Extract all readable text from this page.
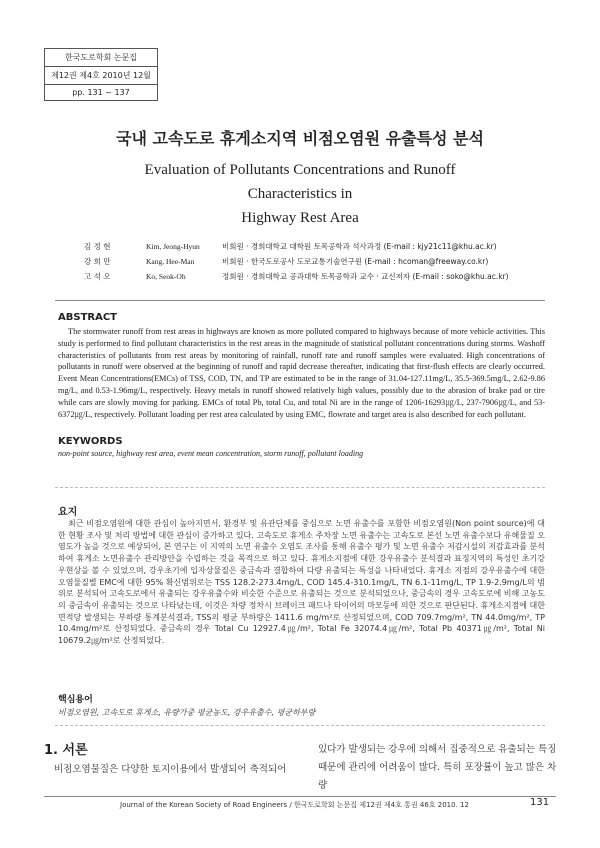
한국도로학회 논문집
제12권 제4호 2010년 12월
pp. 131 ~ 137
국내 고속도로 휴게소지역 비점오염원 유출특성 분석
Evaluation of Pollutants Concentrations and Runoff Characteristics in
Highway Rest Area
김 정 현	Kim, Jeong-Hyun	비회원 · 경희대학교 대학원 토목공학과 석사과정 (E-mail : kjy21c11@khu.ac.kr)
강 희 만	Kang, Hee-Man	비회원 · 한국도로공사 도로교통기술연구원 (E-mail : hcoman@freeway.co.kr)
고 석 오	Ko, Seok-Oh	정회원 · 경희대학교 공과대학 토목공학과 교수 · 교신저자 (E-mail : soko@khu.ac.kr)
ABSTRACT
The stormwater runoff from rest areas in highways are known as more polluted compared to highways because of more vehicle activities. This study is performed to find pollutant characteristics in the rest areas in the magnitude of statistical pollutant concentrations during storms. Washoff characteristics of pollutants from rest areas by monitoring of rainfall, runoff rate and runoff samples were evaluated. High concentrations of pollutants in runoff were observed at the beginning of runoff and rapid decrease thereafter, indicating that first-flush effects are clearly occurred. Event Mean Concentrations(EMCs) of TSS, COD, TN, and TP are estimated to be in the range of 31.04-127.11mg/L, 35.5-369.5mg/L, 2.62-9.86 mg/L, and 0.53-1.96mg/L, respectively. Heavy metals in runoff showed relatively high values, possibly due to the abrasion of brake pad or tire while cars are slowly moving for parking. EMCs of total Pb, total Cu, and total Ni are in the range of 1206-16293㎍/L, 237-7906㎍/L, and 53-6372㎍/L, respectively. Pollutant loading per rest area calculated by using EMC, flowrate and target area is also described for each pollutant.
KEYWORDS
non-point source, highway rest area, event mean concentration, storm runoff, pollutant loading
요지
최근 비점오염원에 대한 관심이 높아지면서, 환경부 및 유관단체를 중심으로 노면 유출수를 포함한 비점오염원(Non point source)에 대한 현황 조사 및 처리 방법에 대한 관심이 증가하고 있다. 고속도로 휴게소 주차장 노면 유출수는 고속도로 본선 노면 유출수보다 유해물질 오염도가 높을 것으로 예상되어, 본 연구는 이 지역의 노면 유출수 오염도 조사를 통해 유출수 평가 및 노면 유출수 저감시설의 저감효과를 분석하여 휴게소 노면유출수 관리방안을 수립하는 것을 목적으로 하고 있다. 휴게소지점에 대한 강우유출수 분석결과 표징지역의 특성인 초기강우현상을 볼 수 있었으며, 강우초기에 입자상물질은 중금속과 결합하여 다량 유출되는 특성을 나타내었다. 휴게소 지점의 강우유출수에 대한 오염물질별 EMC에 대한 95% 확신범위로는 TSS 128.2-273.4mg/L, COD 145.4-310.1mg/L, TN 6.1-11mg/L, TP 1.9-2.9mg/L의 범위로 분석되어 고속도로에서 유출되는 강우유출수와 비슷한 수준으로 유출되는 것으로 분석되었으나, 중금속의 경우 고속도로에 비해 고농도의 중금속이 유출되는 것으로 나타났는데, 이것은 차량 정차시 브레이크 패드나 타이어의 마모등에 의한 것으로 판단된다. 휴게소지점에 대한 면적당 발생되는 부하량 통계분석결과, TSS의 평균 부하량은 1411.6 mg/m²로 산정되었으며, COD 709.7mg/m², TN 44.0mg/m², TP 10.4mg/m²로 산정되었다. 중금속의 경우 Total Cu 12927.4㎍/m², Total Fe 32074.4㎍/m², Total Pb 40371㎍/m², Total Ni 10679.2㎍/m²로 산정되었다.
핵심용어
비점오염원, 고속도로 휴게소, 유량가중 평균농도, 강우유출수, 평균하부량
1. 서론
비점오염물질은 다양한 토지이용에서 발생되어 축적되어
있다가 발생되는 강우에 의해서 집중적으로 유출되는 특징 때문에 관리에 어려움이 많다. 특히 포장률이 높고 많은 차량
Journal of the Korean Society of Road Engineers / 한국도로학회 논문집 제12권 제4호 통권 46호 2010. 12	131
